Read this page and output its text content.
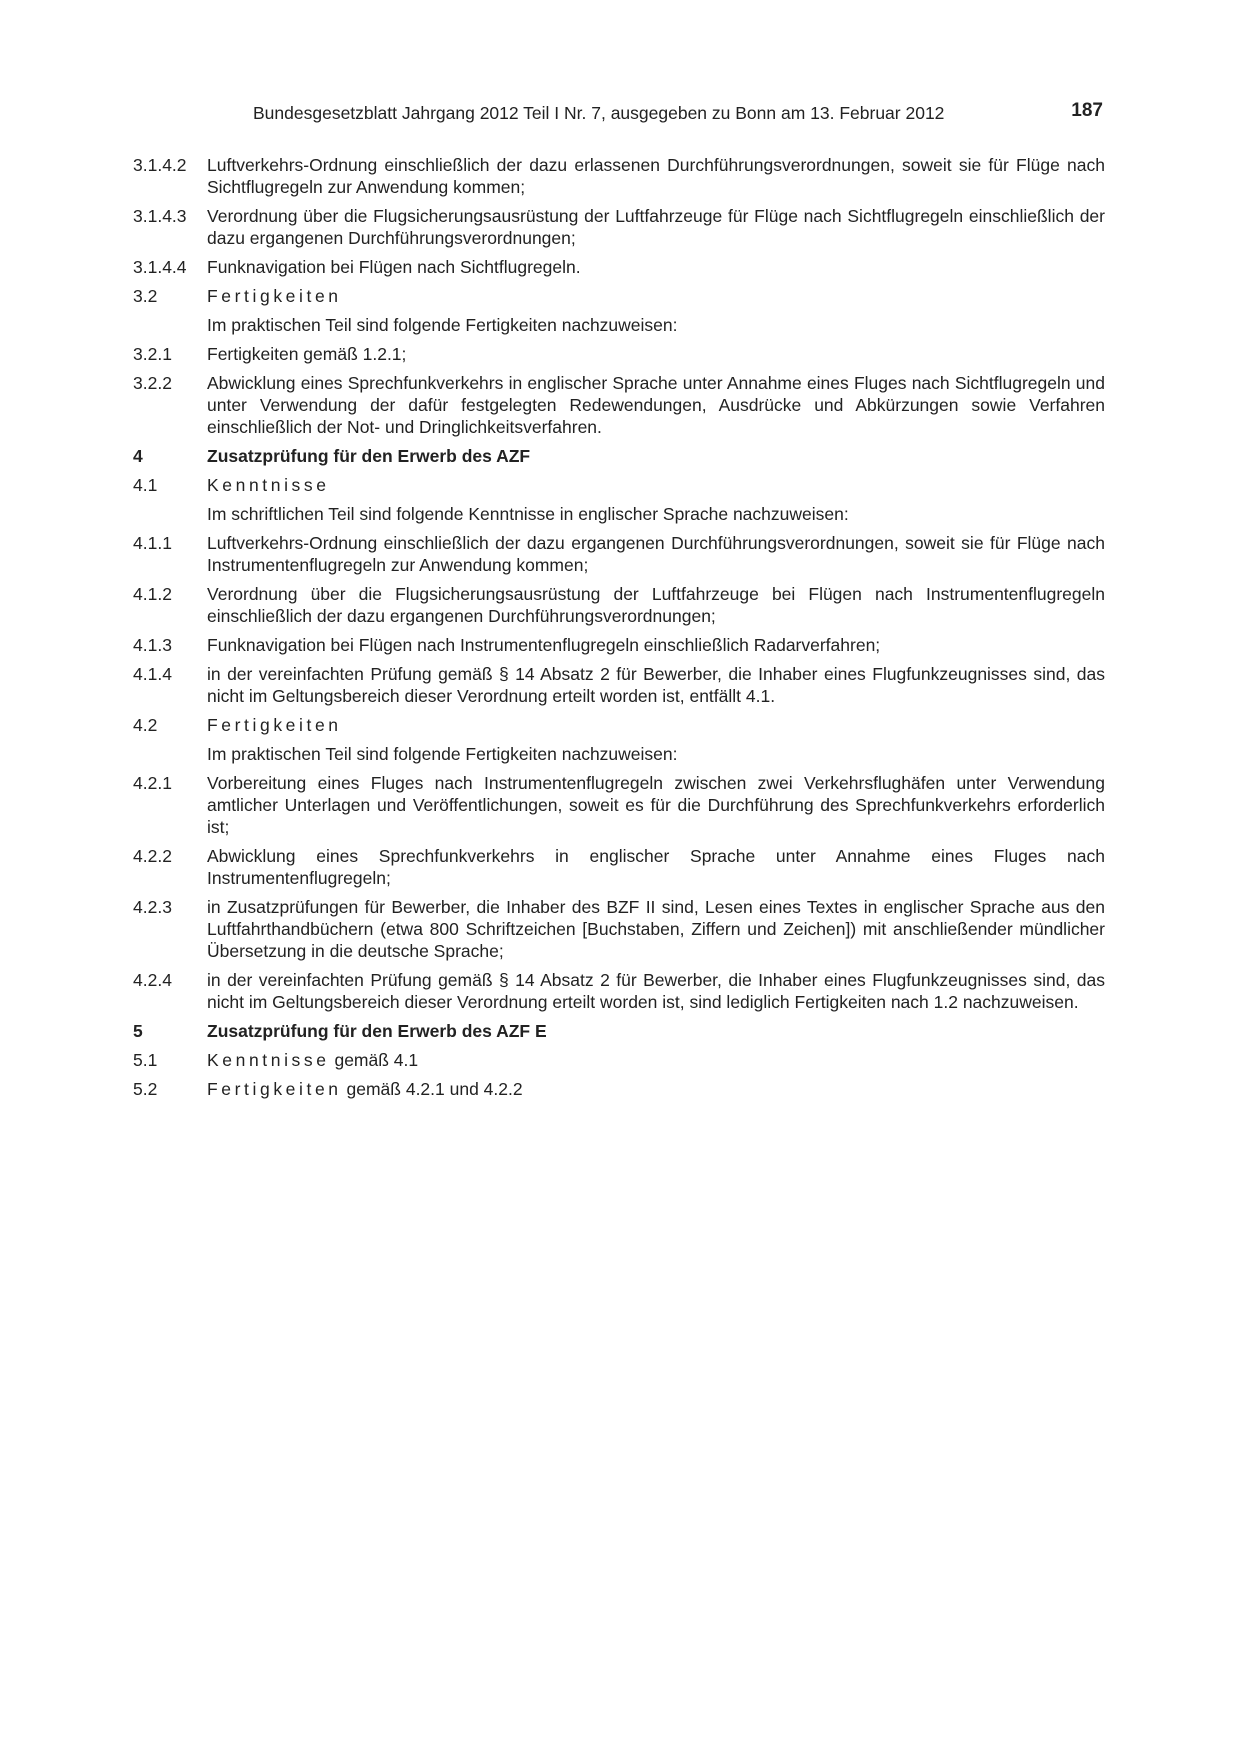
Bundesgesetzblatt Jahrgang 2012 Teil I Nr. 7, ausgegeben zu Bonn am 13. Februar 2012	187
3.1.4.2	Luftverkehrs-Ordnung einschließlich der dazu erlassenen Durchführungsverordnungen, soweit sie für Flüge nach Sichtflugregeln zur Anwendung kommen;
3.1.4.3	Verordnung über die Flugsicherungsausrüstung der Luftfahrzeuge für Flüge nach Sichtflugregeln einschließlich der dazu ergangenen Durchführungsverordnungen;
3.1.4.4	Funknavigation bei Flügen nach Sichtflugregeln.
3.2	Fertigkeiten
Im praktischen Teil sind folgende Fertigkeiten nachzuweisen:
3.2.1	Fertigkeiten gemäß 1.2.1;
3.2.2	Abwicklung eines Sprechfunkverkehrs in englischer Sprache unter Annahme eines Fluges nach Sichtflugregeln und unter Verwendung der dafür festgelegten Redewendungen, Ausdrücke und Abkürzungen sowie Verfahren einschließlich der Not- und Dringlichkeitsverfahren.
4	Zusatzprüfung für den Erwerb des AZF
4.1	Kenntnisse
Im schriftlichen Teil sind folgende Kenntnisse in englischer Sprache nachzuweisen:
4.1.1	Luftverkehrs-Ordnung einschließlich der dazu ergangenen Durchführungsverordnungen, soweit sie für Flüge nach Instrumentenflugregeln zur Anwendung kommen;
4.1.2	Verordnung über die Flugsicherungsausrüstung der Luftfahrzeuge bei Flügen nach Instrumentenflugregeln einschließlich der dazu ergangenen Durchführungsverordnungen;
4.1.3	Funknavigation bei Flügen nach Instrumentenflugregeln einschließlich Radarverfahren;
4.1.4	in der vereinfachten Prüfung gemäß § 14 Absatz 2 für Bewerber, die Inhaber eines Flugfunkzeugnisses sind, das nicht im Geltungsbereich dieser Verordnung erteilt worden ist, entfällt 4.1.
4.2	Fertigkeiten
Im praktischen Teil sind folgende Fertigkeiten nachzuweisen:
4.2.1	Vorbereitung eines Fluges nach Instrumentenflugregeln zwischen zwei Verkehrsflughäfen unter Verwendung amtlicher Unterlagen und Veröffentlichungen, soweit es für die Durchführung des Sprechfunkverkehrs erforderlich ist;
4.2.2	Abwicklung eines Sprechfunkverkehrs in englischer Sprache unter Annahme eines Fluges nach Instrumentenflugregeln;
4.2.3	in Zusatzprüfungen für Bewerber, die Inhaber des BZF II sind, Lesen eines Textes in englischer Sprache aus den Luftfahrthandbüchern (etwa 800 Schriftzeichen [Buchstaben, Ziffern und Zeichen]) mit anschließender mündlicher Übersetzung in die deutsche Sprache;
4.2.4	in der vereinfachten Prüfung gemäß § 14 Absatz 2 für Bewerber, die Inhaber eines Flugfunkzeugnisses sind, das nicht im Geltungsbereich dieser Verordnung erteilt worden ist, sind lediglich Fertigkeiten nach 1.2 nachzuweisen.
5	Zusatzprüfung für den Erwerb des AZF E
5.1	Kenntnisse gemäß 4.1
5.2	Fertigkeiten gemäß 4.2.1 und 4.2.2
